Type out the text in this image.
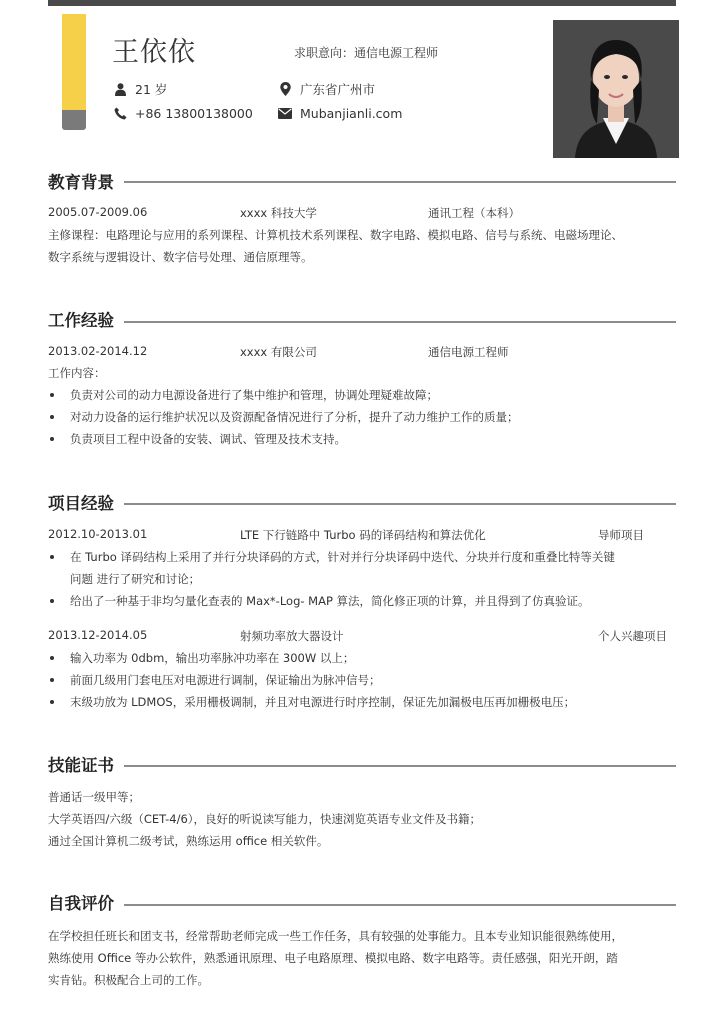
王依依	求职意向：通信电源工程师
21 岁
+86 13800138000
广东省广州市
Mubanjianli.com
教育背景
2005.07-2009.06	xxxx 科技大学	通讯工程（本科）
主修课程：电路理论与应用的系列课程、计算机技术系列课程、数字电路、模拟电路、信号与系统、电磁场理论、
数字系统与逻辑设计、数字信号处理、通信原理等。
工作经验
2013.02-2014.12	xxxx 有限公司	通信电源工程师
工作内容：
负责对公司的动力电源设备进行了集中维护和管理，协调处理疑难故障；
对动力设备的运行维护状况以及资源配备情况进行了分析，提升了动力维护工作的质量；
负责项目工程中设备的安装、调试、管理及技术支持。
项目经验
2012.10-2013.01	LTE 下行链路中 Turbo 码的译码结构和算法优化	导师项目
在 Turbo 译码结构上采用了并行分块译码的方式，针对并行分块译码中迭代、分块并行度和重叠比特等关键
问题 进行了研究和讨论；
给出了一种基于非均匀量化查表的 Max*-Log- MAP 算法，简化修正项的计算，并且得到了仿真验证。
2013.12-2014.05	射频功率放大器设计	个人兴趣项目
输入功率为 0dbm，输出功率脉冲功率在 300W 以上；
前面几级用门套电压对电源进行调制，保证输出为脉冲信号；
末级功放为 LDMOS，采用栅极调制，并且对电源进行时序控制，保证先加漏极电压再加栅极电压；
技能证书
普通话一级甲等；
大学英语四/六级（CET-4/6），良好的听说读写能力，快速浏览英语专业文件及书籍；
通过全国计算机二级考试，熟练运用 office 相关软件。
自我评价
在学校担任班长和团支书，经常帮助老师完成一些工作任务，具有较强的处事能力。且本专业知识能很熟练使用，
熟练使用 Office 等办公软件，熟悉通讯原理、电子电路原理、模拟电路、数字电路等。责任感强，阳光开朗，踏
实肯钻。积极配合上司的工作。
